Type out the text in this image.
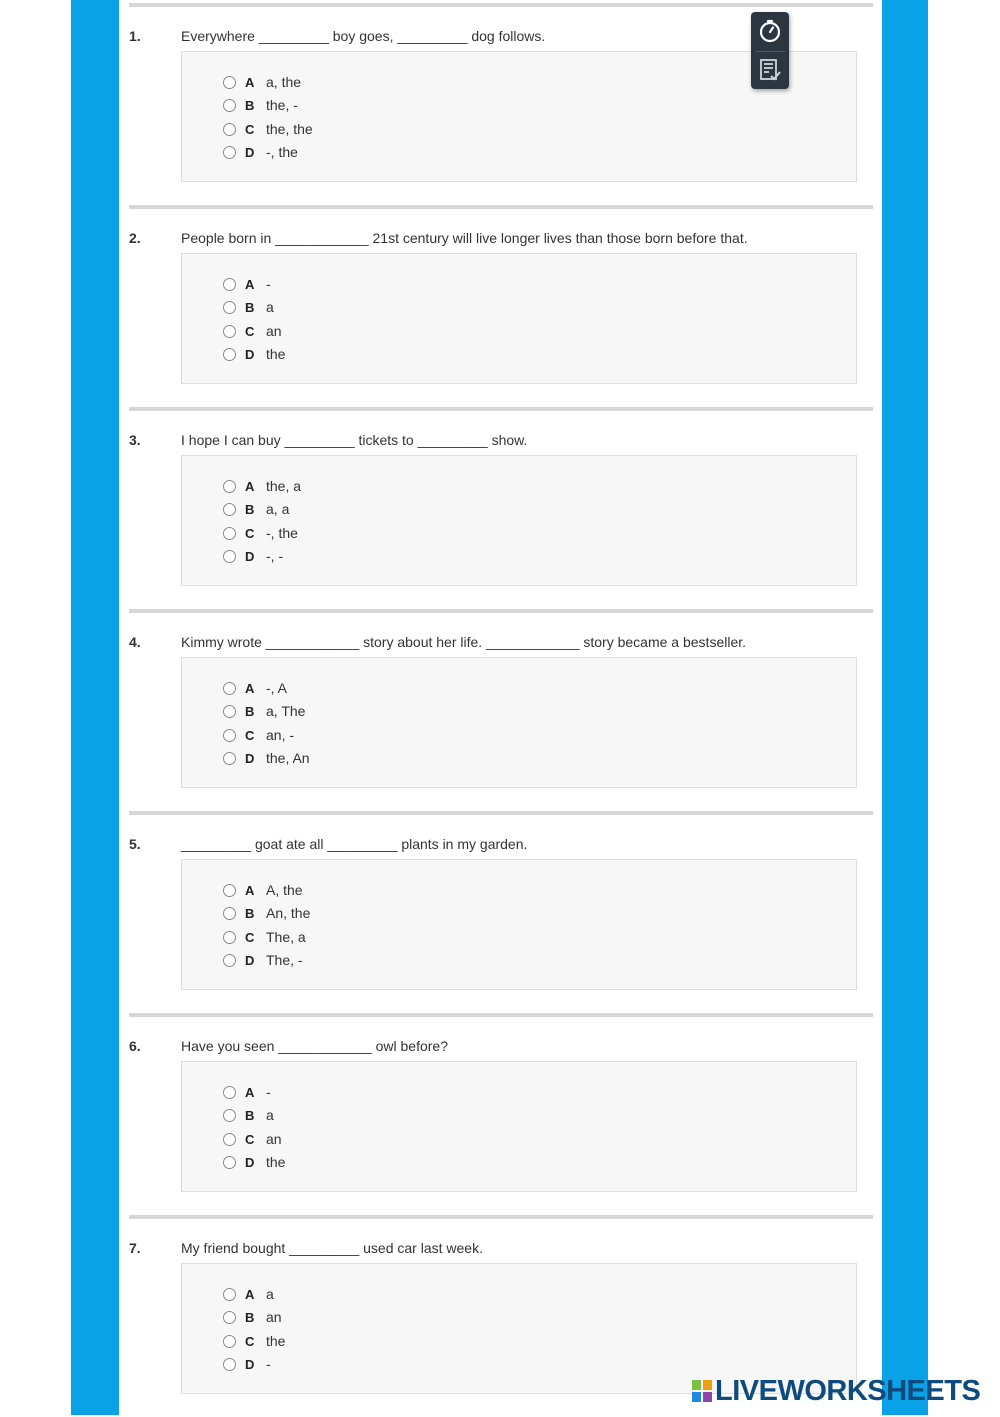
1.	Everywhere _________ boy goes, _________ dog follows.
A a, the
B the, -
C the, the
D -, the
2.	People born in ____________ 21st century will live longer lives than those born before that.
A -
B a
C an
D the
3.	I hope I can buy _________ tickets to _________ show.
A the, a
B a, a
C -, the
D -, -
4.	Kimmy wrote ____________ story about her life. ____________ story became a bestseller.
A -, A
B a, The
C an, -
D the, An
5.	_________ goat ate all _________ plants in my garden.
A A, the
B An, the
C The, a
D The, -
6.	Have you seen ____________ owl before?
A -
B a
C an
D the
7.	My friend bought _________ used car last week.
A a
B an
C the
D -
LIVEWORKSHEETS
